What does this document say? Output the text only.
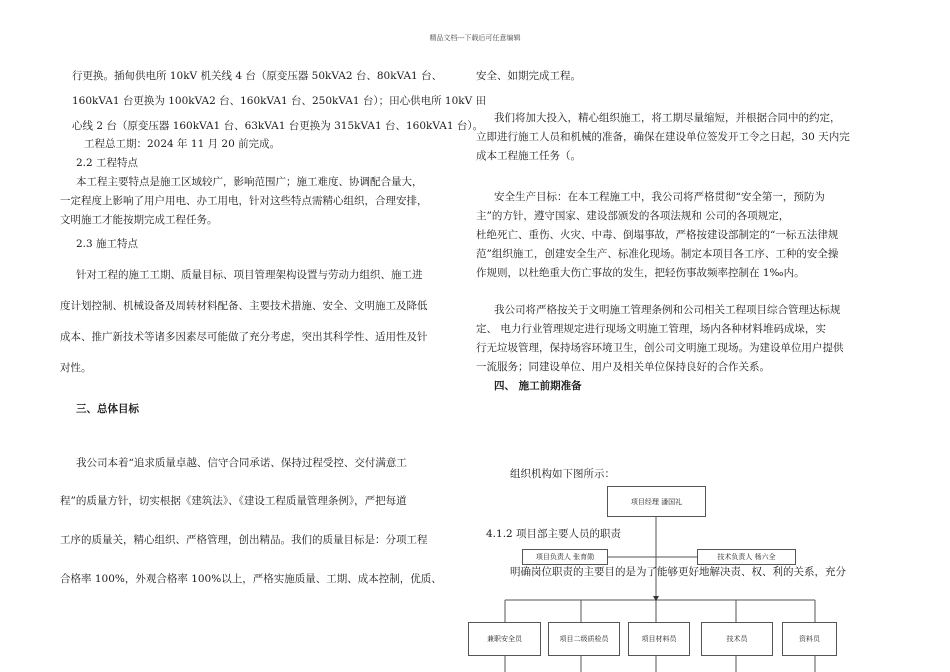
精品文档---下载后可任意编辑
行更换。插甸供电所 10kV 机关线 4 台（原变压器 50kVA2 台、80kVA1 台、
160kVA1 台更换为 100kVA2 台、160kVA1 台、250kVA1 台）；田心供电所 10kV 田
心线 2 台（原变压器 160kVA1 台、63kVA1 台更换为 315kVA1 台、160kVA1 台）。
工程总工期：2024 年 11 月 20 前完成。
2.2 工程特点
本工程主要特点是施工区域较广，影响范围广；施工难度、协调配合量大，
一定程度上影响了用户用电、办工用电，针对这些特点需精心组织，合理安排，
文明施工才能按期完成工程任务。
2.3 施工特点
针对工程的施工工期、质量目标、项目管理架构设置与劳动力组织、施工进
度计划控制、机械设备及周转材料配备、主要技术措施、安全、文明施工及降低
成本、推广新技术等诸多因素尽可能做了充分考虑，突出其科学性、适用性及针
对性。
三、总体目标
我公司本着“追求质量卓越、信守合同承诺、保持过程受控、交付满意工
程”的质量方针，切实根据《建筑法》、《建设工程质量管理条例》，严把每道
工序的质量关，精心组织、严格管理，创出精品。我们的质量目标是：分项工程
合格率 100%，外观合格率 100%以上，严格实施质量、工期、成本控制，优质、
安全、如期完成工程。
我们将加大投入，精心组织施工，将工期尽量缩短，并根据合同中的约定，
立即进行施工人员和机械的准备，确保在建设单位签发开工令之日起，30 天内完
成本工程施工任务（。
安全生产目标：在本工程施工中，我公司将严格贯彻“安全第一，预防为
主”的方针，遵守国家、建设部颁发的各项法规和 公司的各项规定，
杜绝死亡、重伤、火灾、中毒、倒塌事故，严格按建设部制定的“一标五法律规
范”组织施工，创建安全生产、标准化现场。制定本项目各工序、工种的安全操
作规则，以杜绝重大伤亡事故的发生，把轻伤事故频率控制在 1‰内。
我公司将严格按关于文明施工管理条例和公司相关工程项目综合管理达标规
定、 电力行业管理规定进行现场文明施工管理，场内各种材料堆码成垛，实
行无垃圾管理，保持场容环境卫生，创公司文明施工现场。为建设单位用户提供
一流服务；同建设单位、用户及相关单位保持良好的合作关系。
四、 施工前期准备
组织机构如下图所示：
4.1.2 项目部主要人员的职责
项目经理 潘国礼
项目负责人 张育勋	技术负责人 杨六全
明确岗位职责的主要目的是为了能够更好地解决责、权、利的关系，充分
兼职安全员	项目二级质检员	项目材料员	技术员	资料员
